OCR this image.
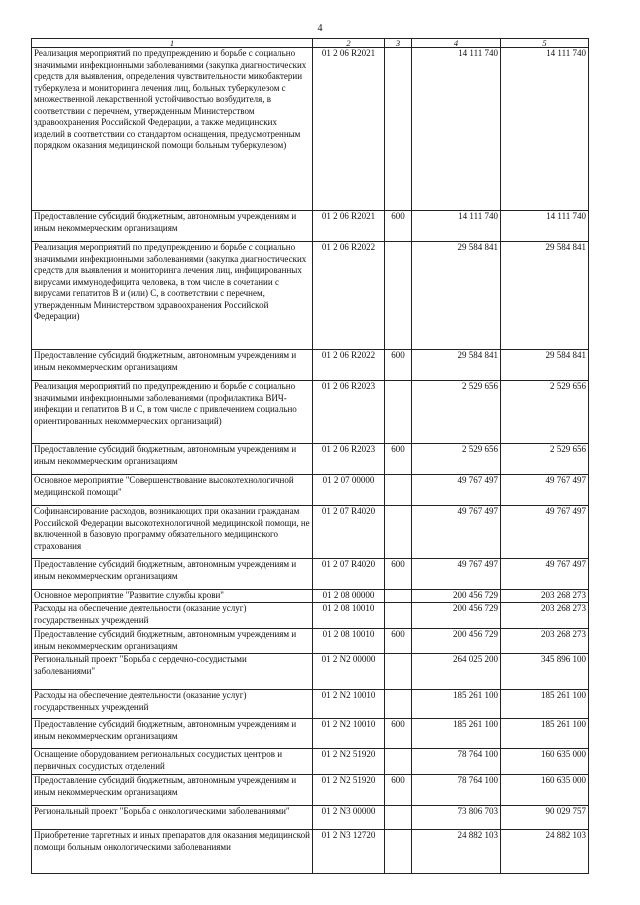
4
1	2	3	4	5
Реализация мероприятий по предупреждению и борьбе с социально значимыми инфекционными заболеваниями (закупка диагностических средств для выявления, определения чувствительности микобактерии туберкулеза и мониторинга лечения лиц, больных туберкулезом с множественной лекарственной устойчивостью возбудителя, в соответствии с перечнем, утвержденным Министерством здравоохранения Российской Федерации, а также медицинских изделий в соответствии со стандартом оснащения, предусмотренным порядком оказания медицинской помощи больным туберкулезом)	01 2 06 R2021		14 111 740	14 111 740
Предоставление субсидий бюджетным, автономным учреждениям и иным некоммерческим организациям	01 2 06 R2021	600	14 111 740	14 111 740
Реализация мероприятий по предупреждению и борьбе с социально значимыми инфекционными заболеваниями (закупка диагностических средств для выявления и мониторинга лечения лиц, инфицированных вирусами иммунодефицита человека, в том числе в сочетании с вирусами гепатитов В и (или) С, в соответствии с перечнем, утвержденным Министерством здравоохранения Российской Федерации)	01 2 06 R2022		29 584 841	29 584 841
Предоставление субсидий бюджетным, автономным учреждениям и иным некоммерческим организациям	01 2 06 R2022	600	29 584 841	29 584 841
Реализация мероприятий по предупреждению и борьбе с социально значимыми инфекционными заболеваниями (профилактика ВИЧ-инфекции и гепатитов В и С, в том числе с привлечением социально ориентированных некоммерческих организаций)	01 2 06 R2023		2 529 656	2 529 656
Предоставление субсидий бюджетным, автономным учреждениям и иным некоммерческим организациям	01 2 06 R2023	600	2 529 656	2 529 656
Основное мероприятие "Совершенствование высокотехнологичной медицинской помощи"	01 2 07 00000		49 767 497	49 767 497
Софинансирование расходов, возникающих при оказании гражданам Российской Федерации высокотехнологичной медицинской помощи, не включенной в базовую программу обязательного медицинского страхования	01 2 07 R4020		49 767 497	49 767 497
Предоставление субсидий бюджетным, автономным учреждениям и иным некоммерческим организациям	01 2 07 R4020	600	49 767 497	49 767 497
Основное мероприятие "Развитие службы крови"	01 2 08 00000		200 456 729	203 268 273
Расходы на обеспечение деятельности (оказание услуг) государственных учреждений	01 2 08 10010		200 456 729	203 268 273
Предоставление субсидий бюджетным, автономным учреждениям и иным некоммерческим организациям	01 2 08 10010	600	200 456 729	203 268 273
Региональный проект "Борьба с сердечно-сосудистыми заболеваниями"	01 2 N2 00000		264 025 200	345 896 100
Расходы на обеспечение деятельности (оказание услуг) государственных учреждений	01 2 N2 10010		185 261 100	185 261 100
Предоставление субсидий бюджетным, автономным учреждениям и иным некоммерческим организациям	01 2 N2 10010	600	185 261 100	185 261 100
Оснащение оборудованием региональных сосудистых центров и первичных сосудистых отделений	01 2 N2 51920		78 764 100	160 635 000
Предоставление субсидий бюджетным, автономным учреждениям и иным некоммерческим организациям	01 2 N2 51920	600	78 764 100	160 635 000
Региональный проект "Борьба с онкологическими заболеваниями"	01 2 N3 00000		73 806 703	90 029 757
Приобретение таргетных и иных препаратов для оказания медицинской помощи больным онкологическими заболеваниями	01 2 N3 12720		24 882 103	24 882 103
